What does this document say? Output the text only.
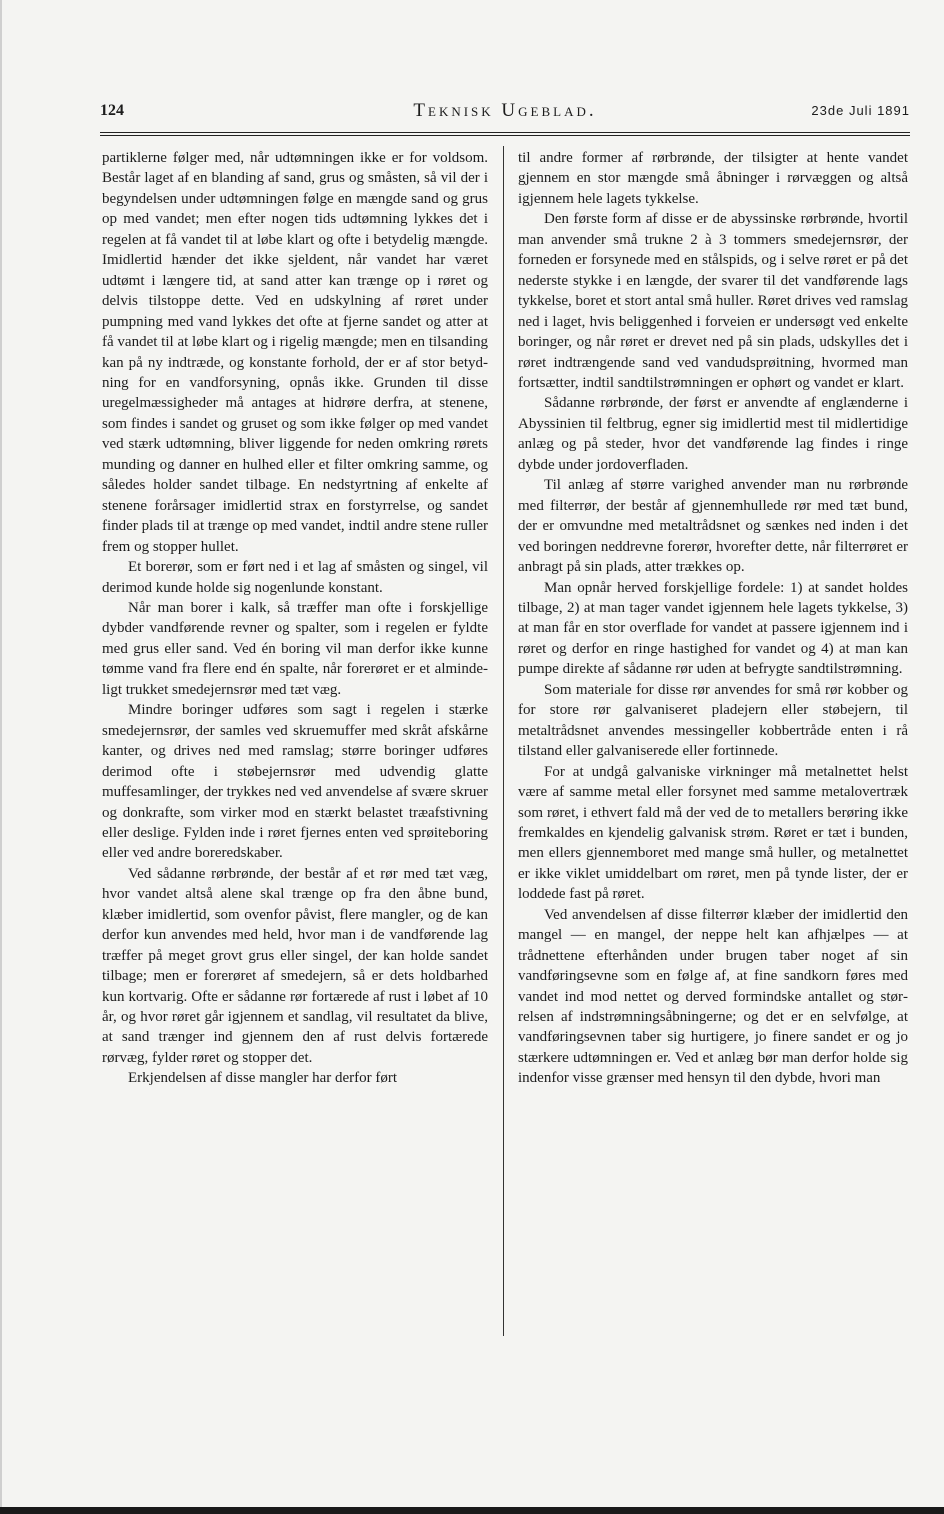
124	Teknisk Ugeblad.	23de Juli 1891

partiklerne følger med, når udtømningen ikke er for voldsom. Består laget af en blanding af sand, grus og småsten, så vil der i begyndelsen under udtømningen følge en mængde sand og grus op med vandet; men efter nogen tids udtømning lykkes det i regelen at få vandet til at løbe klart og ofte i betydelig mængde. Imidlertid hænder det ikke sjeldent, når vandet har været udtømt i længere tid, at sand atter kan trænge op i røret og delvis tilstoppe dette. Ved en udskylning af røret under pumpning med vand lykkes det ofte at fjerne sandet og atter at få vandet til at løbe klart og i rigelig mængde; men en tilsanding kan på ny indtræde, og konstante forhold, der er af stor betydning for en vandforsyning, opnås ikke. Grunden til disse uregelmæssigheder må antages at hidrøre derfra, at stenene, som findes i sandet og gruset og som ikke følger op med vandet ved stærk udtømning, bliver liggende for neden omkring rørets munding og danner en hulhed eller et filter omkring samme, og således holder sandet tilbage. En nedstyrtning af enkelte af stenene forårsager imidlertid strax en forstyrrelse, og sandet finder plads til at trænge op med vandet, indtil andre stene ruller frem og stopper hullet.

Et borerør, som er ført ned i et lag af småsten og singel, vil derimod kunde holde sig nogenlunde konstant.

Når man borer i kalk, så træffer man ofte i forskjellige dybder vandførende revner og spalter, som i regelen er fyldte med grus eller sand. Ved én boring vil man derfor ikke kunne tømme vand fra flere end én spalte, når forerøret er et almindeligt trukket smedejernsrør med tæt væg.

Mindre boringer udføres som sagt i regelen i stærke smedejernsrør, der samles ved skruemuffer med skråt afskårne kanter, og drives ned med ramslag; større boringer udføres derimod ofte i støbejernsrør med udvendig glatte muffesamlinger, der trykkes ned ved anvendelse af svære skruer og donkrafte, som virker mod en stærkt belastet træafstivning eller deslige. Fylden inde i røret fjernes enten ved sprøiteboring eller ved andre boreredskaber.

Ved sådanne rørbrønde, der består af et rør med tæt væg, hvor vandet altså alene skal trænge op fra den åbne bund, klæber imidlertid, som ovenfor påvist, flere mangler, og de kan derfor kun anvendes med held, hvor man i de vandførende lag træffer på meget grovt grus eller singel, der kan holde sandet tilbage; men er forerøret af smedejern, så er dets holdbarhed kun kortvarig. Ofte er sådanne rør fortærede af rust i løbet af 10 år, og hvor røret går igjennem et sandlag, vil resultatet da blive, at sand trænger ind gjennem den af rust delvis fortærede rørvæg, fylder røret og stopper det.

Erkjendelsen af disse mangler har derfor ført

til andre former af rørbrønde, der tilsigter at hente vandet gjennem en stor mængde små åbninger i rørvæggen og altså igjennem hele lagets tykkelse.

Den første form af disse er de abyssinske rørbrønde, hvortil man anvender små trukne 2 à 3 tommers smedejernsrør, der forneden er forsynede med en stålspids, og i selve røret er på det nederste stykke i en længde, der svarer til det vandførende lags tykkelse, boret et stort antal små huller. Røret drives ved ramslag ned i laget, hvis beliggenhed i forveien er undersøgt ved enkelte boringer, og når røret er drevet ned på sin plads, udskylles det i røret indtrængende sand ved vandudsprøitning, hvormed man fortsætter, indtil sandtilstrømningen er ophørt og vandet er klart.

Sådanne rørbrønde, der først er anvendte af englænderne i Abyssinien til feltbrug, egner sig imidlertid mest til midlertidige anlæg og på steder, hvor det vandførende lag findes i ringe dybde under jordoverfladen.

Til anlæg af større varighed anvender man nu rørbrønde med filterrør, der består af gjennemhullede rør med tæt bund, der er omvundne med metaltrådsnet og sænkes ned inden i det ved boringen neddrevne forerør, hvorefter dette, når filterrøret er anbragt på sin plads, atter trækkes op.

Man opnår herved forskjellige fordele: 1) at sandet holdes tilbage, 2) at man tager vandet igjennem hele lagets tykkelse, 3) at man får en stor overflade for vandet at passere igjennem ind i røret og derfor en ringe hastighed for vandet og 4) at man kan pumpe direkte af sådanne rør uden at befrygte sandtilstrømning.

Som materiale for disse rør anvendes for små rør kobber og for store rør galvaniseret pladejern eller støbejern, til metaltrådsnet anvendes messingeller kobbertråde enten i rå tilstand eller galvaniserede eller fortinnede.

For at undgå galvaniske virkninger må metalnettet helst være af samme metal eller forsynet med samme metalovertræk som røret, i ethvert fald må der ved de to metallers berøring ikke fremkaldes en kjendelig galvanisk strøm. Røret er tæt i bunden, men ellers gjennemboret med mange små huller, og metalnettet er ikke viklet umiddelbart om røret, men på tynde lister, der er loddede fast på røret.

Ved anvendelsen af disse filterrør klæber der imidlertid den mangel — en mangel, der neppe helt kan afhjælpes — at trådnettene efterhånden under brugen taber noget af sin vandføringsevne som en følge af, at fine sandkorn føres med vandet ind mod nettet og derved formindske antallet og størrelsen af indstrømningsåbningerne; og det er en selvfølge, at vandføringsevnen taber sig hurtigere, jo finere sandet er og jo stærkere udtømningen er. Ved et anlæg bør man derfor holde sig indenfor visse grænser med hensyn til den dybde, hvori man
